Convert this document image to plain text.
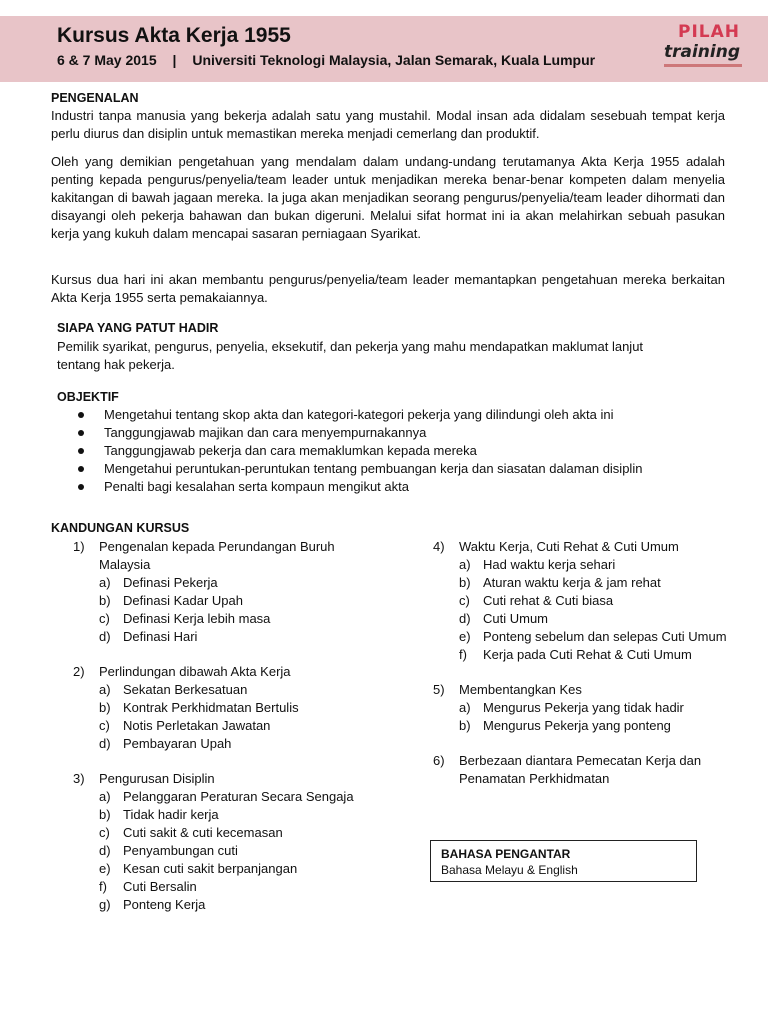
Kursus Akta Kerja 1955
6 & 7 May 2015 | Universiti Teknologi Malaysia, Jalan Semarak, Kuala Lumpur
PILAH
training
PENGENALAN
Industri tanpa manusia yang bekerja adalah satu yang mustahil. Modal insan ada didalam sesebuah tempat kerja perlu diurus dan disiplin untuk memastikan mereka menjadi cemerlang dan produktif.
Oleh yang demikian pengetahuan yang mendalam dalam undang-undang terutamanya Akta Kerja 1955 adalah penting kepada pengurus/penyelia/team leader untuk menjadikan mereka benar-benar kompeten dalam menyelia kakitangan di bawah jagaan mereka. Ia juga akan menjadikan seorang pengurus/penyelia/team leader dihormati dan disayangi oleh pekerja bahawan dan bukan digeruni. Melalui sifat hormat ini ia akan melahirkan sebuah pasukan kerja yang kukuh dalam mencapai sasaran perniagaan Syarikat.
Kursus dua hari ini akan membantu pengurus/penyelia/team leader memantapkan pengetahuan mereka berkaitan Akta Kerja 1955 serta pemakaiannya.
SIAPA YANG PATUT HADIR
Pemilik syarikat, pengurus, penyelia, eksekutif, dan pekerja yang mahu mendapatkan maklumat lanjut
tentang hak pekerja.
OBJEKTIF
Mengetahui tentang skop akta dan kategori-kategori pekerja yang dilindungi oleh akta ini
Tanggungjawab majikan dan cara menyempurnakannya
Tanggungjawab pekerja dan cara memaklumkan kepada mereka
Mengetahui peruntukan-peruntukan tentang pembuangan kerja dan siasatan dalaman disiplin
Penalti bagi kesalahan serta kompaun mengikut akta
KANDUNGAN KURSUS
1) Pengenalan kepada Perundangan Buruh Malaysia
a) Definasi Pekerja
b) Definasi Kadar Upah
c) Definasi Kerja lebih masa
d) Definasi Hari
2) Perlindungan dibawah Akta Kerja
a) Sekatan Berkesatuan
b) Kontrak Perkhidmatan Bertulis
c) Notis Perletakan Jawatan
d) Pembayaran Upah
3) Pengurusan Disiplin
a) Pelanggaran Peraturan Secara Sengaja
b) Tidak hadir kerja
c) Cuti sakit & cuti kecemasan
d) Penyambungan cuti
e) Kesan cuti sakit berpanjangan
f) Cuti Bersalin
g) Ponteng Kerja
4) Waktu Kerja, Cuti Rehat & Cuti Umum
a) Had waktu kerja sehari
b) Aturan waktu kerja & jam rehat
c) Cuti rehat & Cuti biasa
d) Cuti Umum
e) Ponteng sebelum dan selepas Cuti Umum
f) Kerja pada Cuti Rehat & Cuti Umum
5) Membentangkan Kes
a) Mengurus Pekerja yang tidak hadir
b) Mengurus Pekerja yang ponteng
6) Berbezaan diantara Pemecatan Kerja dan Penamatan Perkhidmatan
BAHASA PENGANTAR
Bahasa Melayu & English
